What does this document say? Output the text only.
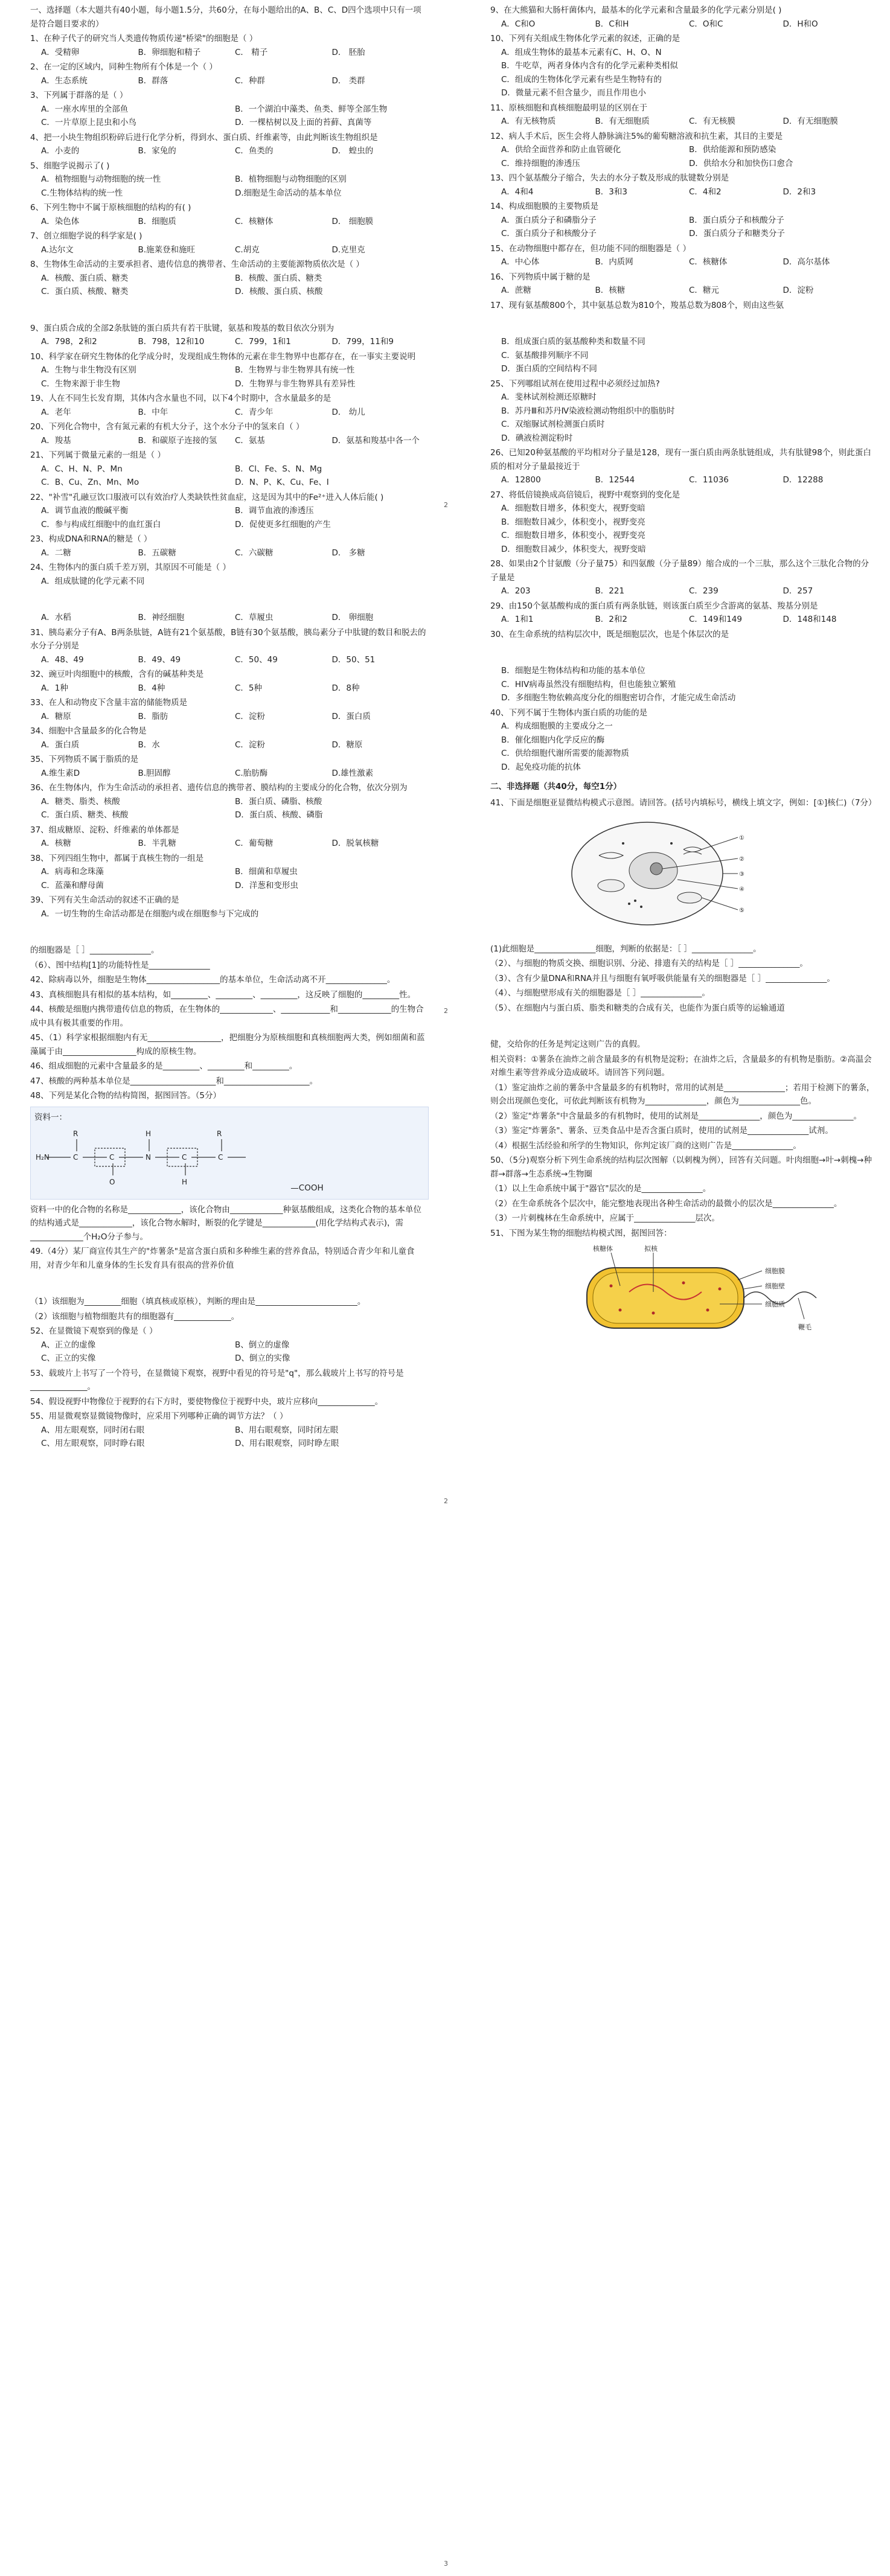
一、选择题（本大题共有40小题，每小题1.5分，共60分，在每小题给出的A、B、C、D四个选项中只有一项是符合题目要求的）
1、在种子代子的研究当人类遗传物质传递"桥梁"的细胞是（ ）
A．受精卵	B．卵细胞和精子	C． 精子	D． 胚胎
2、在一定的区域内，同种生物所有个体是一个（ ）
A．生态系统	B．群落	C．种群	D． 类群
3、下列属于群落的是（ ）
A．一座水库里的全部鱼	B．一个湖泊中藻类、鱼类、鲜等全部生物
C．一片草原上昆虫和小鸟	D．一棵枯树以及上面的苔藓、真菌等
4、把一小块生物组织粉碎后进行化学分析，得到水、蛋白质、纤维素等，由此判断该生物组织是
A．小麦的	B．家兔的	C．鱼类的	D． 蝗虫的
5、细胞学说揭示了( )
A．植物细胞与动物细胞的统一性	B．植物细胞与动物细胞的区别
C.生物体结构的统一性	D.细胞是生命活动的基本单位
6、下列生物中不属于原核细胞的结构的有( )
A．染色体	B．细胞质	C．核糖体	D． 细胞膜
7、创立细胞学说的科学家是( )
A.达尔文	B.施莱登和施旺	C.胡克	D.克里克
8、生物体生命活动的主要承担者、遗传信息的携带者、生命活动的主要能源物质依次是（ ）
A．核酸、蛋白质、糖类	B．核酸、蛋白质、糖类
C．蛋白质、核酸、糖类	D．核酸、蛋白质、核酸
9、蛋白质合成的全部2条肽链的蛋白质共有若干肽键，氨基和羧基的数目依次分别为
A．798，2和2	B．798，12和10	C．799，1和1	D．799，11和9
10、科学家在研究生物体的化学成分时，发现组成生物体的元素在非生物界中也都存在，在一事实主要说明
A．生物与非生物没有区别	B．生物界与非生物界具有统一性
C．生物来源于非生物	D．生物界与非生物界具有差异性
19、人在不同生长发育期，其体内含水量也不同，以下4个时期中，含水量最多的是
A．老年	B．中年	C．青少年	D． 幼儿
20、下列化合物中，含有氮元素的有机大分子，这个水分子中的氢来自（ ）
A．羧基	B．和碳原子连接的氢	C．氨基	D．氨基和羧基中各一个
21、下列属于微量元素的一组是（ ）
A．C、H、N、P、Mn	B．Cl、Fe、S、N、Mg
C．B、Cu、Zn、Mn、Mo	D．N、P、K、Cu、Fe、I
22、"补雪"孔融豆饮口服液可以有效治疗人类缺铁性贫血症，这是因为其中的Fe²⁺进入人体后能( )
A．调节血液的酸碱平衡	B．调节血液的渗透压
C．参与构成红细胞中的血红蛋白	D．促使更多红细胞的产生
23、构成DNA和RNA的糖是（ ）
A．二糖	B．五碳糖	C．六碳糖	D． 多糖
24、生物体内的蛋白质千差万别，其原因不可能是（ ）
A．组成肽键的化学元素不同
A．水稻	B．神经细胞	C．草履虫	D． 卵细胞
31、胰岛素分子有A、B两条肽链，A链有21个氨基酸，B链有30个氨基酸，胰岛素分子中肽键的数目和脱去的水分子分别是
A．48、49	B．49、49	C．50、49	D．50、51
32、豌豆叶肉细胞中的核酸，含有的碱基种类是
A．1种	B．4种	C．5种	D．8种
33、在人和动物皮下含量丰富的储能物质是
A．糖原	B．脂肪	C．淀粉	D．蛋白质
34、细胞中含量最多的化合物是
A．蛋白质	B．水	C．淀粉	D．糖原
35、下列物质不属于脂质的是
A.维生素D	B.胆固醇	C.胎肪酶	D.雄性激素
36、在生物体内，作为生命活动的承担者、遗传信息的携带者、膜结构的主要成分的化合物，依次分别为
A．糖类、脂类、核酸	B．蛋白质、磷脂、核酸
C．蛋白质、糖类、核酸	D．蛋白质、核酸、磷脂
37、组成糖原、淀粉、纤维素的单体都是
A．核糖	B．半乳糖	C．葡萄糖	D．脱氧核糖
38、下列四组生物中，都属于真核生物的一组是
A．病毒和念珠藻	B．细菌和草履虫
C．蓝藻和酵母菌	D．洋葱和变形虫
39、下列有关生命活动的叙述不正确的是
A．一切生物的生命活动都是在细胞内或在细胞参与下完成的
的细胞器是［ ］_______________。
（6）、图中结构[1]的功能特性是_______________
42、除病毒以外，细胞是生物体__________________的基本单位，生命活动离不开_______________。
43、真核细胞具有相似的基本结构，如_________、_________、_________，这反映了细胞的_________性。
44、核酸是细胞内携带遗传信息的物质，在生物体的_____________、____________和_____________的生物合成中具有极其重要的作用。
45、（1）科学家根据细胞内有无__________________，把细胞分为原核细胞和真核细胞两大类，例如细菌和蓝藻属于由__________________构成的原核生物。
46、组成细胞的元素中含量最多的是_________、_________和_________。
47、核酸的两种基本单位是_____________________和_____________________。
48、下列是某化合物的结构简图，据图回答。（5分）
资料一：
H₂N	C	C	N	C	C
R	H	R
O	H
—COOH
资料一中的化合物的名称是_____________，该化合物由_____________种氨基酸组成，这类化合物的基本单位的结构通式是_____________，该化合物水解时，断裂的化学键是_____________(用化学结构式表示)，需_____________个H₂O分子参与。
49.（4分）某厂商宣传其生产的"炸薯条"是富含蛋白质和多种维生素的营养食品，特别适合青少年和儿童食用，对青少年和儿童身体的生长发育具有很高的营养价值
（1）该细胞为_________细胞（填真核或原核），判断的理由是_________________________。
（2）该细胞与植物细胞共有的细胞器有______________。
52、在显微镜下观察到的像是（ ）
A、正立的虚像	B、倒立的虚像
C、正立的实像	D、倒立的实像
53、载玻片上书写了一个符号，在显微镜下观察，视野中看见的符号是"q"，那么载玻片上书写的符号是______________。
54、假设视野中物像位于视野的右下方时，要使物像位于视野中央，玻片应移向______________。
55、用显微观察显微镜物像时，应采用下列哪种正确的调节方法？（ ）
A、用左眼观察，同时闭右眼	B、用右眼观察，同时闭左眼
C、用左眼观察，同时睁右眼	D、用右眼观察，同时睁左眼
9、在大熊猫和大肠杆菌体内，最基本的化学元素和含量最多的化学元素分别是( )
A．C和O	B．C和H	C．O和C	D．H和O
10、下列有关组成生物体化学元素的叙述，正确的是
A．组成生物体的最基本元素有C、H、O、N
B．牛吃草，两者身体内含有的化学元素种类相似
C．组成的生物体化学元素有些是生物特有的
D．微量元素不但含量少，而且作用也小
11、原核细胞和真核细胞最明显的区别在于
A．有无核物质	B．有无细胞质	C．有无核膜	D．有无细胞膜
12、病人手术后，医生会将人静脉滴注5%的葡萄糖溶液和抗生素，其目的主要是
A．供给全面营养和防止血管硬化	B．供给能源和预防感染
C．维持细胞的渗透压	D．供给水分和加快伤口愈合
13、四个氨基酸分子缩合，失去的水分子数及形成的肽键数分别是
A．4和4	B．3和3	C．4和2	D．2和3
14、构成细胞膜的主要物质是
A．蛋白质分子和磷脂分子	B．蛋白质分子和核酸分子
C．蛋白质分子和核酸分子	D．蛋白质分子和糖类分子
15、在动物细胞中都存在，但功能不同的细胞器是（ ）
A．中心体	B．内质网	C．核糖体	D．高尔基体
16、下列物质中属于糖的是
A．蔗糖	B．核糖	C．糖元	D．淀粉
17、现有氨基酸800个，其中氨基总数为810个，羧基总数为808个，则由这些氨
B．组成蛋白质的氨基酸种类和数量不同
C．氨基酸排列顺序不同
D．蛋白质的空间结构不同
25、下列哪组试剂在使用过程中必须经过加热?
A．斐林试剂检测还原糖时
B．苏丹Ⅲ和苏丹Ⅳ染液检测动物组织中的脂肪时
C．双缩脲试剂检测蛋白质时
D．碘液检测淀粉时
26、已知20种氨基酸的平均相对分子量是128，现有一蛋白质由两条肽链组成，共有肽键98个，则此蛋白质的相对分子量最接近于
A．12800	B．12544	C．11036	D．12288
27、将低倍镜换成高倍镜后，视野中观察到的变化是
A．细胞数目增多，体积变大，视野变暗
B．细胞数目减少，体积变小，视野变亮
C．细胞数目增多，体积变小，视野变亮
D．细胞数目减少，体积变大，视野变暗
28、如果由2个甘氨酸（分子量75）和四氨酸（分子量89）缩合成的一个三肽，那么这个三肽化合物的分子量是
A．203	B．221	C．239	D．257
29、由150个氨基酸构成的蛋白质有两条肽链，则该蛋白质至少含游离的氨基、羧基分别是
A．1和1	B．2和2	C．149和149	D．148和148
30、在生命系统的结构层次中，既是细胞层次，也是个体层次的是
B．细胞是生物体结构和功能的基本单位
C．HIV病毒虽然没有细胞结构，但也能独立繁殖
D．多细胞生物依赖高度分化的细胞密切合作，才能完成生命活动
40、下列不属于生物体内蛋白质的功能的是
A．构成细胞膜的主要成分之一
B．催化细胞内化学反应的酶
C．供给细胞代谢所需要的能源物质
D．起免疫功能的抗体
二、非选择题（共40分，每空1分）
41、下面是细胞亚显微结构模式示意图。请回答。(括号内填标号，横线上填文字，例如：[①]核仁)（7分）
①
②
③
④
⑤
(1)此细胞是_______________细胞，判断的依据是：［ ］_______________。
（2）、与细胞的物质交换、细胞识别、分泌、排遗有关的结构是［ ］_______________。
（3）、含有少量DNA和RNA并且与细胞有氧呼吸供能量有关的细胞器是［ ］_______________。
（4）、与细胞壁形成有关的细胞器是［ ］_______________。
（5）、在细胞内与蛋白质、脂类和糖类的合成有关，也能作为蛋白质等的运输通道
健，交给你的任务是判定这则广告的真假。
相关资料：①薯条在油炸之前含量最多的有机物是淀粉；在油炸之后，含量最多的有机物是脂肪。②高温会对维生素等营养成分造成破坏。请回答下列问题。
（1）鉴定油炸之前的薯条中含量最多的有机物时，常用的试剂是_______________；若用于检测下的薯条，则会出现颜色变化，可依此判断该有机物为_______________，颜色为_______________色。
（2）鉴定"炸薯条"中含量最多的有机物时，使用的试剂是_______________，颜色为_______________。
（3）鉴定"炸薯条"、薯条、豆类食品中是否含蛋白质时，使用的试剂是_______________试剂。
（4）根据生活经验和所学的生物知识，你判定该厂商的这则广告是_______________。
50、（5分)观察分析下列生命系统的结构层次图解（以刺槐为例），回答有关问题。叶肉细胞→叶→刺槐→种群→群落→生态系统→生物圈
（1）以上生命系统中属于"器官"层次的是_______________。
（2）在生命系统各个层次中，能完整地表现出各种生命活动的最微小的层次是_______________。
（3）一片刺槐林在生命系统中，应属于_______________层次。
51、下图为某生物的细胞结构模式图，据图回答：
核糖体	拟核
细胞膜
细胞壁
细胞质
鞭毛
2
2
2
3
